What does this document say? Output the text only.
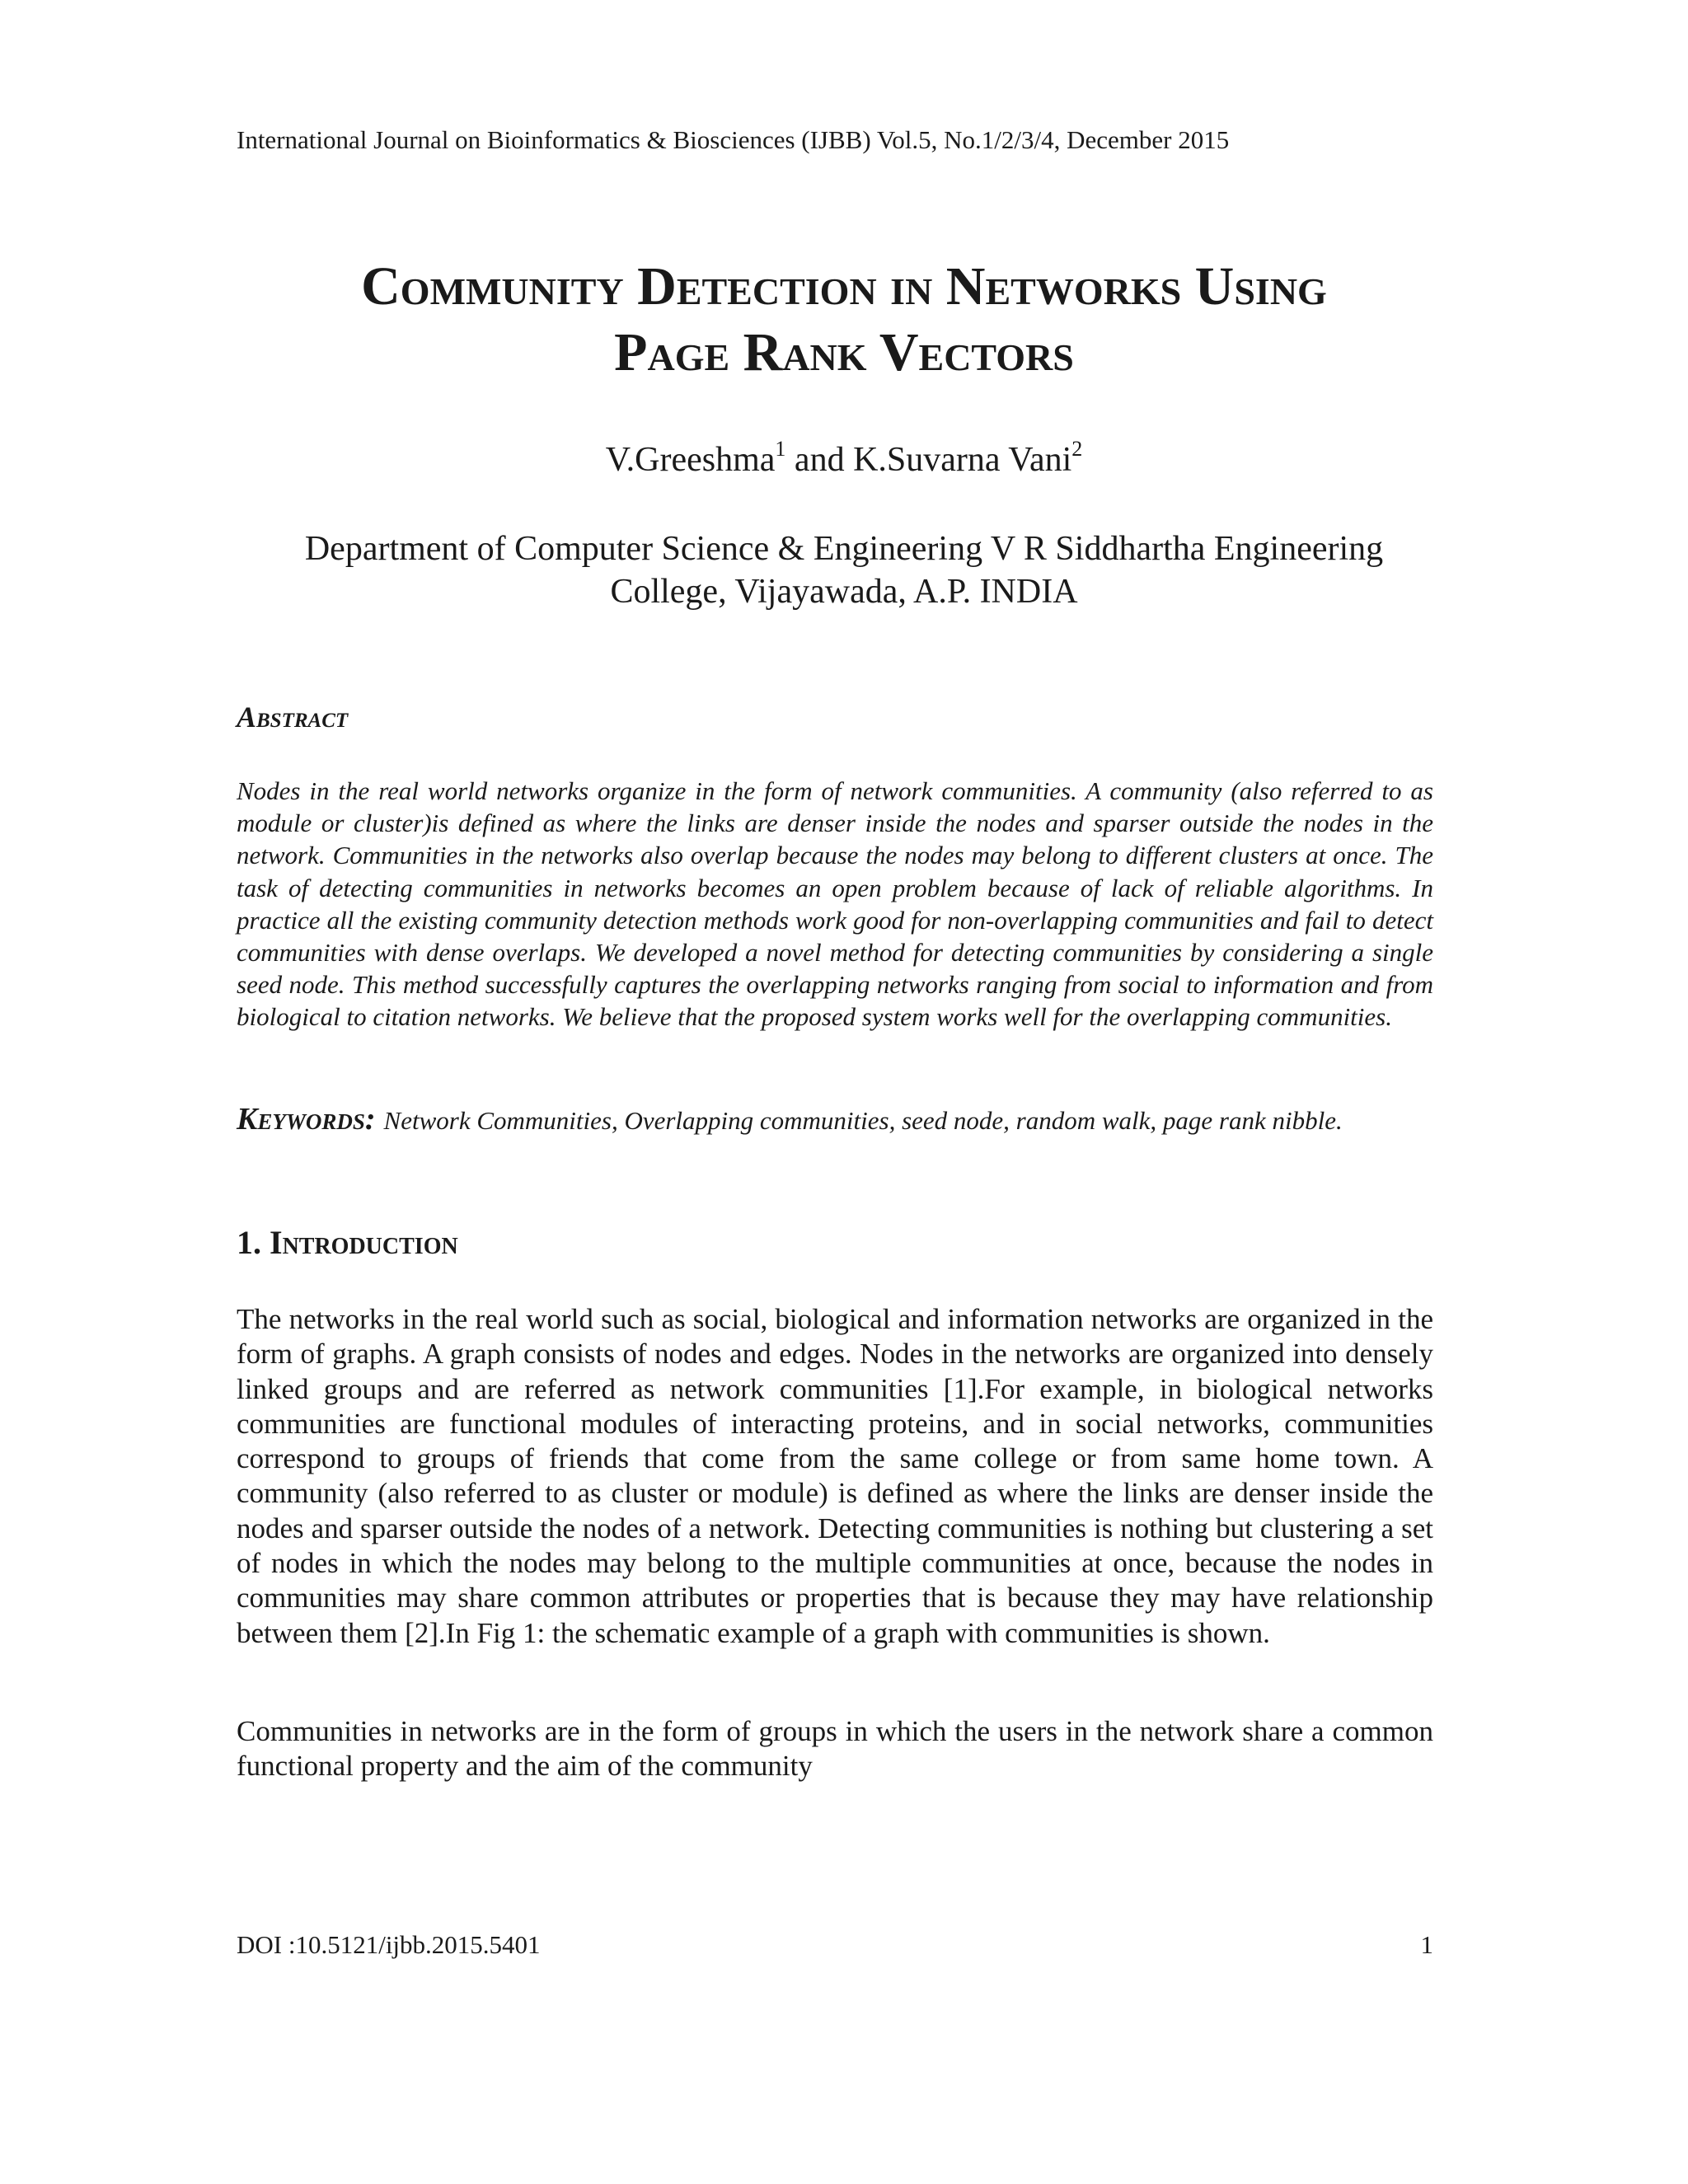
International Journal on Bioinformatics & Biosciences (IJBB) Vol.5, No.1/2/3/4, December 2015
Community Detection in Networks Using
Page Rank Vectors
V.Greeshma$^1$ and K.Suvarna Vani$^2$
Department of Computer Science & Engineering V R Siddhartha Engineering
College, Vijayawada, A.P. INDIA
Abstract
Nodes in the real world networks organize in the form of network communities. A community (also referred to as module or cluster)is defined as where the links are denser inside the nodes and sparser outside the nodes in the network. Communities in the networks also overlap because the nodes may belong to different clusters at once. The task of detecting communities in networks becomes an open problem because of lack of reliable algorithms. In practice all the existing community detection methods work good for non-overlapping communities and fail to detect communities with dense overlaps. We developed a novel method for detecting communities by considering a single seed node. This method successfully captures the overlapping networks ranging from social to information and from biological to citation networks. We believe that the proposed system works well for the overlapping communities.
Keywords: Network Communities, Overlapping communities, seed node, random walk, page rank nibble.
1. Introduction
The networks in the real world such as social, biological and information networks are organized in the form of graphs. A graph consists of nodes and edges. Nodes in the networks are organized into densely linked groups and are referred as network communities [1].For example, in biological networks communities are functional modules of interacting proteins, and in social networks, communities correspond to groups of friends that come from the same college or from same home town. A community (also referred to as cluster or module) is defined as where the links are denser inside the nodes and sparser outside the nodes of a network. Detecting communities is nothing but clustering a set of nodes in which the nodes may belong to the multiple communities at once, because the nodes in communities may share common attributes or properties that is because they may have relationship between them [2].In Fig 1: the schematic example of a graph with communities is shown.
Communities in networks are in the form of groups in which the users in the network share a common functional property and the aim of the community
DOI :10.5121/ijbb.2015.5401	1
